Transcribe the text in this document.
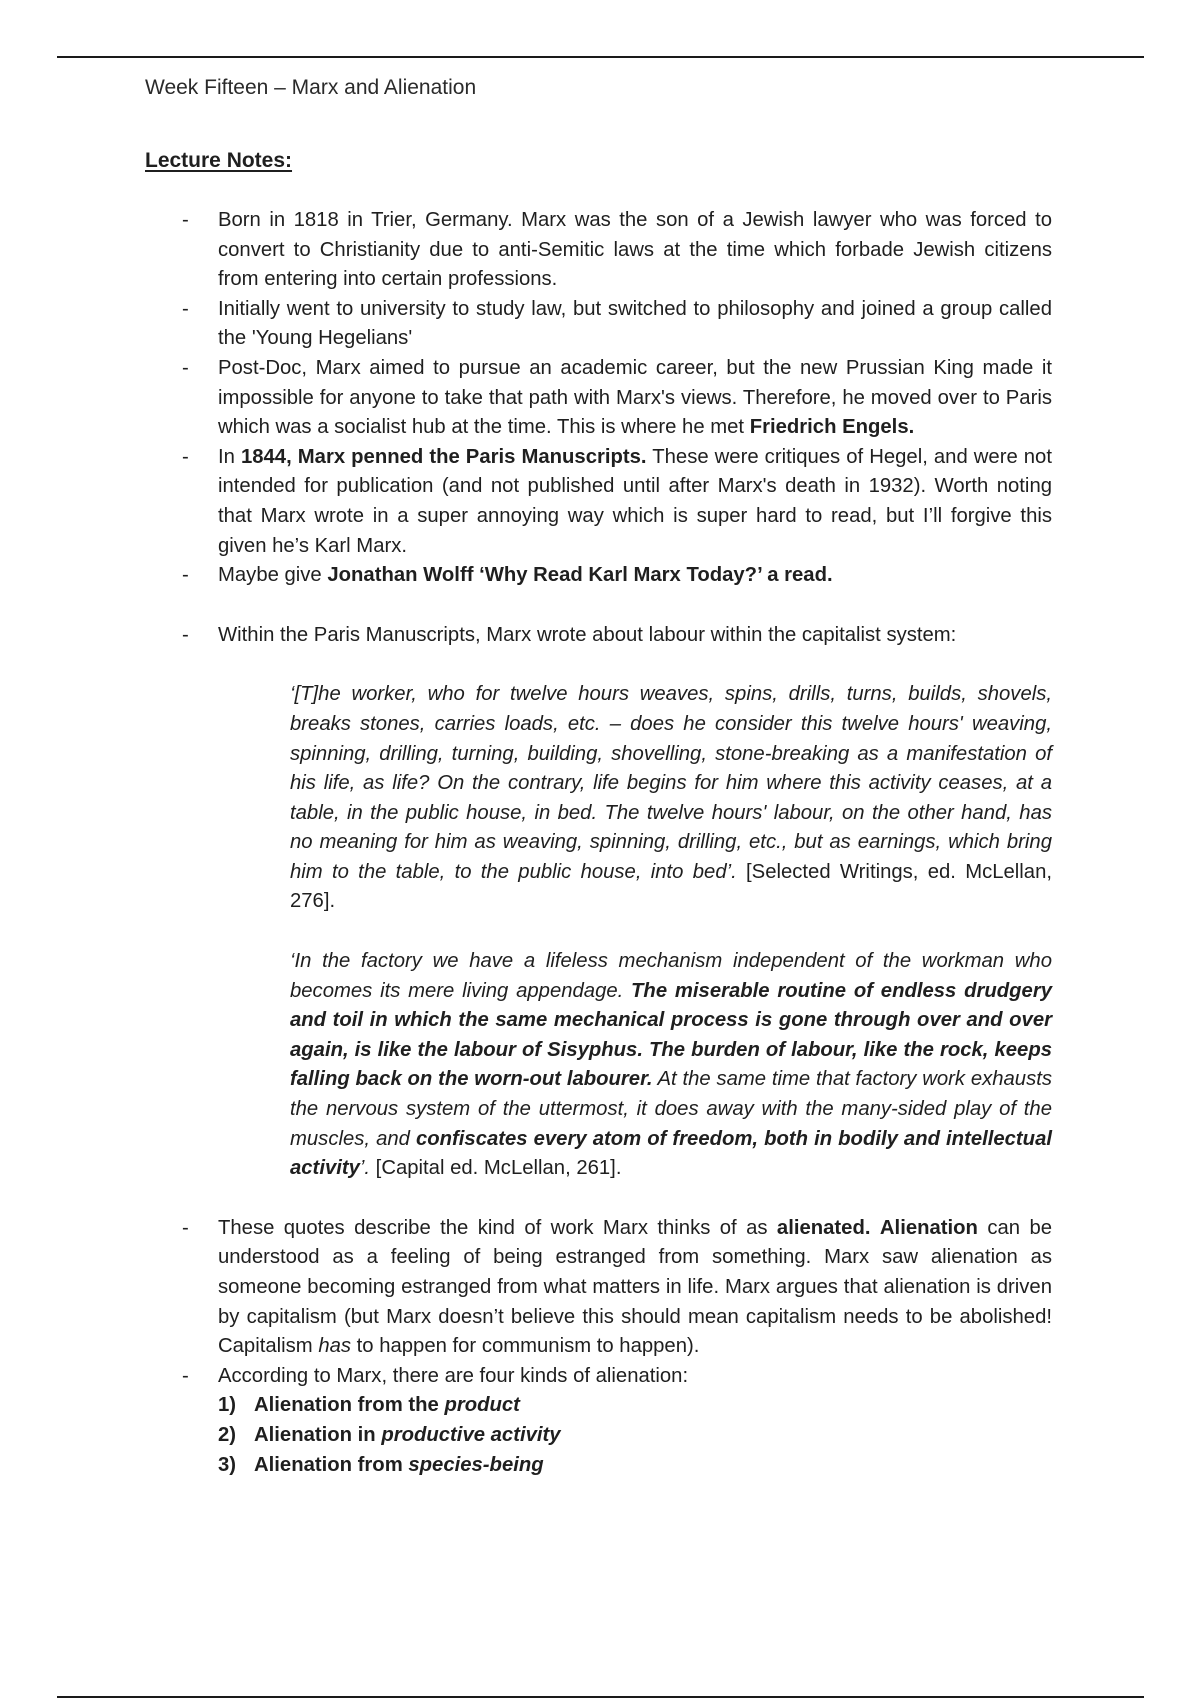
Week Fifteen – Marx and Alienation
Lecture Notes:
- Born in 1818 in Trier, Germany. Marx was the son of a Jewish lawyer who was forced to convert to Christianity due to anti-Semitic laws at the time which forbade Jewish citizens from entering into certain professions.
- Initially went to university to study law, but switched to philosophy and joined a group called the 'Young Hegelians'
- Post-Doc, Marx aimed to pursue an academic career, but the new Prussian King made it impossible for anyone to take that path with Marx's views. Therefore, he moved over to Paris which was a socialist hub at the time. This is where he met Friedrich Engels.
- In 1844, Marx penned the Paris Manuscripts. These were critiques of Hegel, and were not intended for publication (and not published until after Marx's death in 1932). Worth noting that Marx wrote in a super annoying way which is super hard to read, but I’ll forgive this given he’s Karl Marx.
- Maybe give Jonathan Wolff ‘Why Read Karl Marx Today?’ a read.
- Within the Paris Manuscripts, Marx wrote about labour within the capitalist system:
‘[T]he worker, who for twelve hours weaves, spins, drills, turns, builds, shovels, breaks stones, carries loads, etc. – does he consider this twelve hours' weaving, spinning, drilling, turning, building, shovelling, stone-breaking as a manifestation of his life, as life? On the contrary, life begins for him where this activity ceases, at a table, in the public house, in bed. The twelve hours' labour, on the other hand, has no meaning for him as weaving, spinning, drilling, etc., but as earnings, which bring him to the table, to the public house, into bed’. [Selected Writings, ed. McLellan, 276].
‘In the factory we have a lifeless mechanism independent of the workman who becomes its mere living appendage. The miserable routine of endless drudgery and toil in which the same mechanical process is gone through over and over again, is like the labour of Sisyphus. The burden of labour, like the rock, keeps falling back on the worn-out labourer. At the same time that factory work exhausts the nervous system of the uttermost, it does away with the many-sided play of the muscles, and confiscates every atom of freedom, both in bodily and intellectual activity’. [Capital ed. McLellan, 261].
- These quotes describe the kind of work Marx thinks of as alienated. Alienation can be understood as a feeling of being estranged from something. Marx saw alienation as someone becoming estranged from what matters in life. Marx argues that alienation is driven by capitalism (but Marx doesn’t believe this should mean capitalism needs to be abolished! Capitalism has to happen for communism to happen).
- According to Marx, there are four kinds of alienation:
1) Alienation from the product
2) Alienation in productive activity
3) Alienation from species-being
